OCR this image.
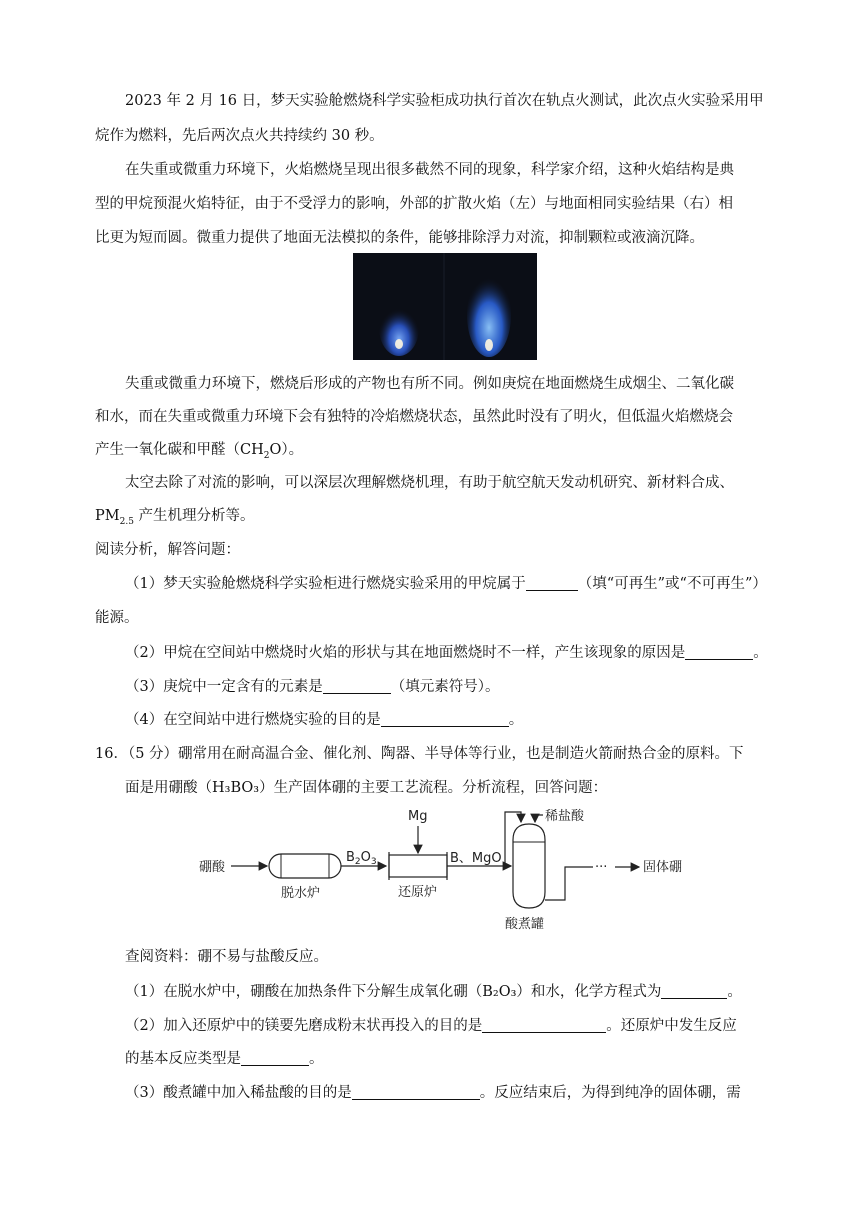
2023 年 2 月 16 日，梦天实验舱燃烧科学实验柜成功执行首次在轨点火测试，此次点火实验采用甲
烷作为燃料，先后两次点火共持续约 30 秒。
在失重或微重力环境下，火焰燃烧呈现出很多截然不同的现象，科学家介绍，这种火焰结构是典
型的甲烷预混火焰特征，由于不受浮力的影响，外部的扩散火焰（左）与地面相同实验结果（右）相
比更为短而圆。微重力提供了地面无法模拟的条件，能够排除浮力对流，抑制颗粒或液滴沉降。
失重或微重力环境下，燃烧后形成的产物也有所不同。例如庚烷在地面燃烧生成烟尘、二氧化碳
和水，而在失重或微重力环境下会有独特的冷焰燃烧状态，虽然此时没有了明火，但低温火焰燃烧会
产生一氧化碳和甲醛$(CH_2O)$。
太空去除了对流的影响，可以深层次理解燃烧机理，有助于航空航天发动机研究、新材料合成、
$PM_{2.5}$ 产生机理分析等。
阅读分析，解答问题：
（1）梦天实验舱燃烧科学实验柜进行燃烧实验采用的甲烷属于	（填“可再生”或“不可再生”）
能源。
（2）甲烷在空间站中燃烧时火焰的形状与其在地面燃烧时不一样，产生该现象的原因是	。
（3）庚烷中一定含有的元素是	（填元素符号）。
（4）在空间站中进行燃烧实验的目的是	。
16．（5 分）硼常用在耐高温合金、催化剂、陶器、半导体等行业，也是制造火箭耐热合金的原料。下
面是用硼酸（H₃BO₃）生产固体硼的主要工艺流程。分析流程，回答问题：
硼酸
脱水炉
$B_2O_3$
还原炉
Mg
B、MgO
酸煮罐
稀盐酸
···	固体硼
查阅资料：硼不易与盐酸反应。
（1）在脱水炉中，硼酸在加热条件下分解生成氧化硼（B₂O₃）和水，化学方程式为	。
（2）加入还原炉中的镁要先磨成粉末状再投入的目的是	。还原炉中发生反应
的基本反应类型是	。
（3）酸煮罐中加入稀盐酸的目的是	。反应结束后，为得到纯净的固体硼，需
